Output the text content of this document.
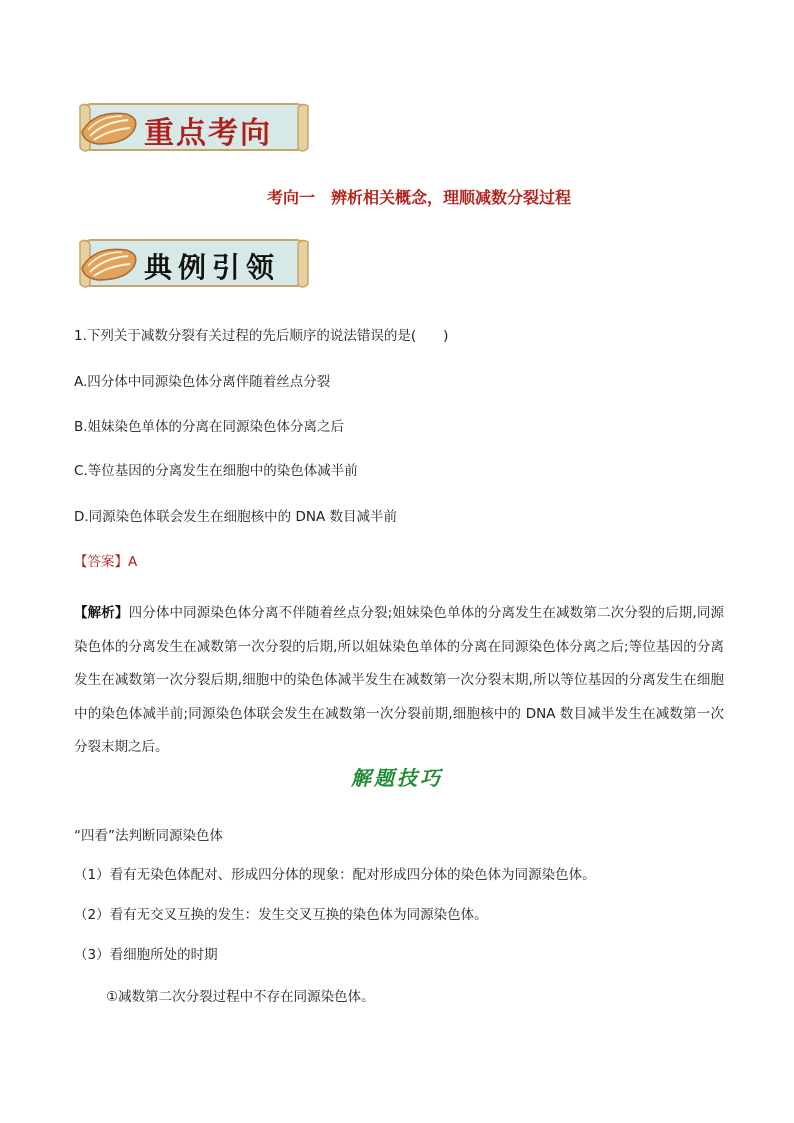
重点考向
考向一　辨析相关概念，理顺减数分裂过程
典例引领
1.下列关于减数分裂有关过程的先后顺序的说法错误的是(　　)
A.四分体中同源染色体分离伴随着丝点分裂
B.姐妹染色单体的分离在同源染色体分离之后
C.等位基因的分离发生在细胞中的染色体减半前
D.同源染色体联会发生在细胞核中的 DNA 数目减半前
【答案】A
【解析】四分体中同源染色体分离不伴随着丝点分裂;姐妹染色单体的分离发生在减数第二次分裂的后期,同源染色体的分离发生在减数第一次分裂的后期,所以姐妹染色单体的分离在同源染色体分离之后;等位基因的分离发生在减数第一次分裂后期,细胞中的染色体减半发生在减数第一次分裂末期,所以等位基因的分离发生在细胞中的染色体减半前;同源染色体联会发生在减数第一次分裂前期,细胞核中的 DNA 数目减半发生在减数第一次分裂末期之后。
解题技巧
“四看”法判断同源染色体
（1）看有无染色体配对、形成四分体的现象：配对形成四分体的染色体为同源染色体。
（2）看有无交叉互换的发生：发生交叉互换的染色体为同源染色体。
（3）看细胞所处的时期
①减数第二次分裂过程中不存在同源染色体。
